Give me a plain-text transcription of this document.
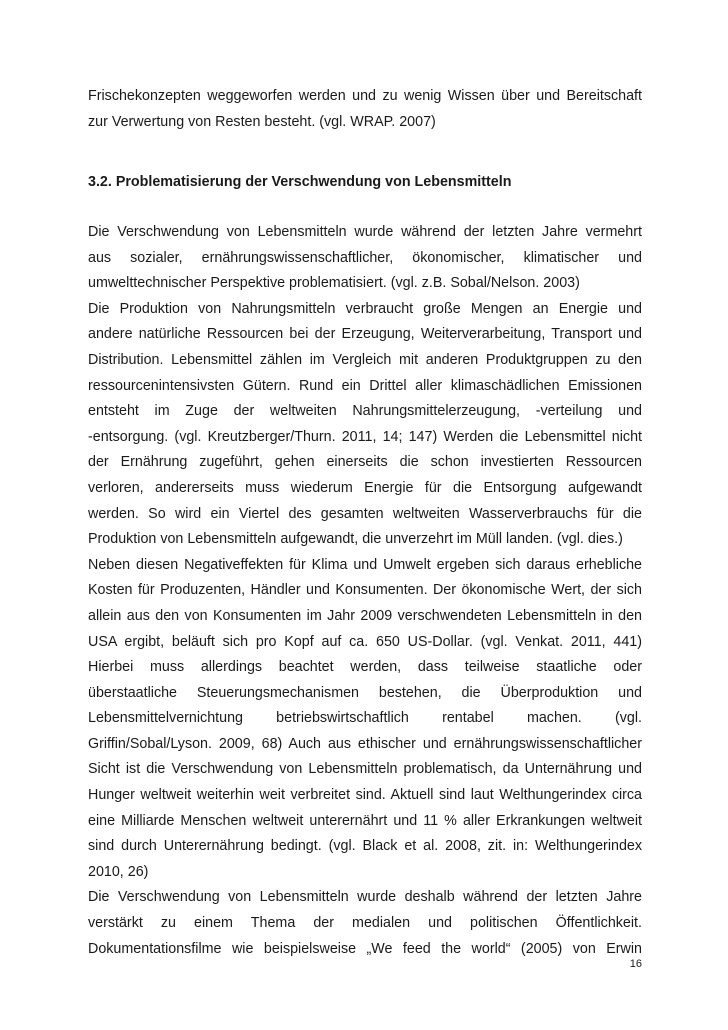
Frischekonzepten weggeworfen werden und zu wenig Wissen über und Bereitschaft
zur Verwertung von Resten besteht. (vgl. WRAP. 2007)
3.2. Problematisierung der Verschwendung von Lebensmitteln
Die Verschwendung von Lebensmitteln wurde während der letzten Jahre vermehrt
aus sozialer, ernährungswissenschaftlicher, ökonomischer, klimatischer und
umwelttechnischer Perspektive problematisiert. (vgl. z.B. Sobal/Nelson. 2003)
Die Produktion von Nahrungsmitteln verbraucht große Mengen an Energie und
andere natürliche Ressourcen bei der Erzeugung, Weiterverarbeitung, Transport und
Distribution. Lebensmittel zählen im Vergleich mit anderen Produktgruppen zu den
ressourcenintensivsten Gütern. Rund ein Drittel aller klimaschädlichen Emissionen
entsteht im Zuge der weltweiten Nahrungsmittelerzeugung, -verteilung und
-entsorgung. (vgl. Kreutzberger/Thurn. 2011, 14; 147) Werden die Lebensmittel nicht
der Ernährung zugeführt, gehen einerseits die schon investierten Ressourcen
verloren, andererseits muss wiederum Energie für die Entsorgung aufgewandt
werden. So wird ein Viertel des gesamten weltweiten Wasserverbrauchs für die
Produktion von Lebensmitteln aufgewandt, die unverzehrt im Müll landen. (vgl. dies.)
Neben diesen Negativeffekten für Klima und Umwelt ergeben sich daraus erhebliche
Kosten für Produzenten, Händler und Konsumenten. Der ökonomische Wert, der sich
allein aus den von Konsumenten im Jahr 2009 verschwendeten Lebensmitteln in den
USA ergibt, beläuft sich pro Kopf auf ca. 650 US-Dollar. (vgl. Venkat. 2011, 441)
Hierbei muss allerdings beachtet werden, dass teilweise staatliche oder
überstaatliche Steuerungsmechanismen bestehen, die Überproduktion und
Lebensmittelvernichtung betriebswirtschaftlich rentabel machen. (vgl.
Griffin/Sobal/Lyson. 2009, 68) Auch aus ethischer und ernährungswissenschaftlicher
Sicht ist die Verschwendung von Lebensmitteln problematisch, da Unternährung und
Hunger weltweit weiterhin weit verbreitet sind. Aktuell sind laut Welthungerindex circa
eine Milliarde Menschen weltweit unterernährt und 11 % aller Erkrankungen weltweit
sind durch Unterernährung bedingt. (vgl. Black et al. 2008, zit. in: Welthungerindex
2010, 26)
Die Verschwendung von Lebensmitteln wurde deshalb während der letzten Jahre
verstärkt zu einem Thema der medialen und politischen Öffentlichkeit.
Dokumentationsfilme wie beispielsweise „We feed the world“ (2005) von Erwin
16
